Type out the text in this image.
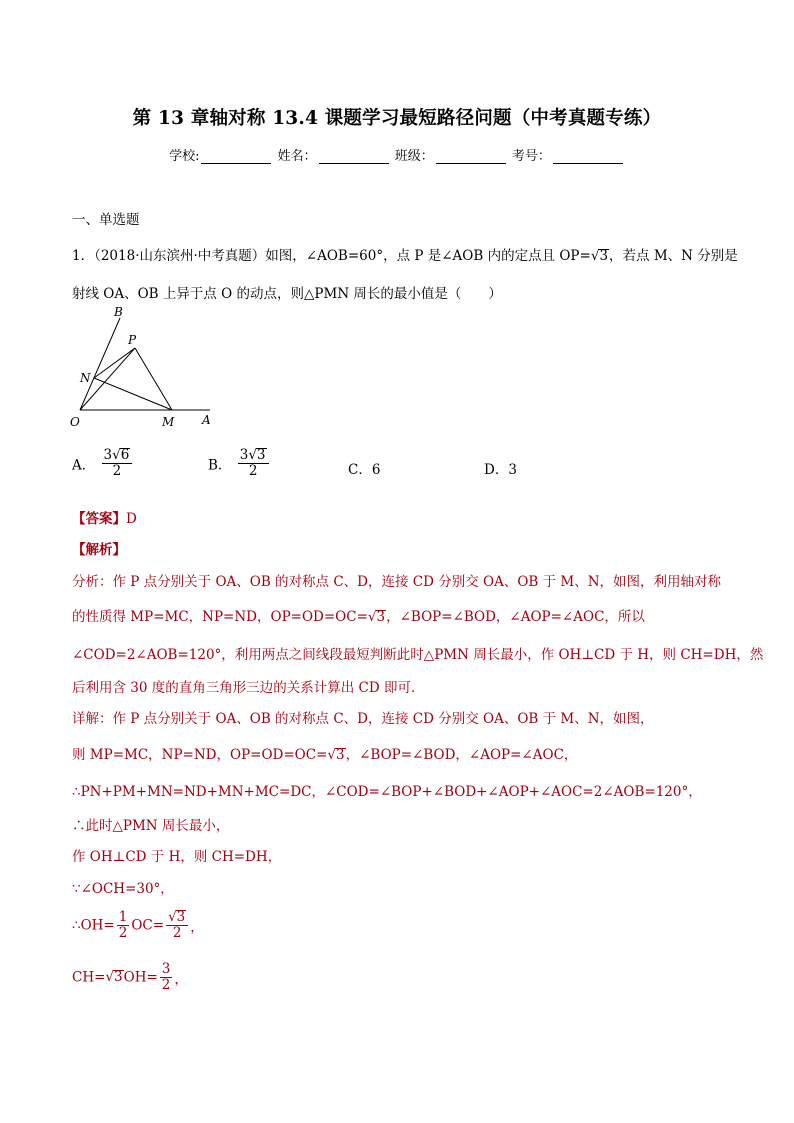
第 13 章轴对称 13.4 课题学习最短路径问题（中考真题专练）
学校:	姓名：	班级：	考号：
一、单选题
1．（2018·山东滨州·中考真题）如图，∠AOB=60°，点 P 是∠AOB 内的定点且 OP=√3，若点 M、N 分别是
射线 OA、OB 上异于点 O 的动点，则△PMN 周长的最小值是（　　）
B
P
N
O	M A
A． $\frac{3√6}{2}$	B． $\frac{3√3}{2}$	C．6	D．3
【答案】D
【解析】
分析：作 P 点分别关于 OA、OB 的对称点 C、D，连接 CD 分别交 OA、OB 于 M、N，如图，利用轴对称
的性质得 MP=MC，NP=ND，OP=OD=OC=√3，∠BOP=∠BOD，∠AOP=∠AOC，所以
∠COD=2∠AOB=120°，利用两点之间线段最短判断此时△PMN 周长最小，作 OH⊥CD 于 H，则 CH=DH，然
后利用含 30 度的直角三角形三边的关系计算出 CD 即可．
详解：作 P 点分别关于 OA、OB 的对称点 C、D，连接 CD 分别交 OA、OB 于 M、N，如图，
则 MP=MC，NP=ND，OP=OD=OC=√3，∠BOP=∠BOD，∠AOP=∠AOC，
∴PN+PM+MN=ND+MN+MC=DC，∠COD=∠BOP+∠BOD+∠AOP+∠AOC=2∠AOB=120°，
∴此时△PMN 周长最小，
作 OH⊥CD 于 H，则 CH=DH，
∵∠OCH=30°，
∴OH= $\frac{1}{2} OC= \frac{√3}{2}$ ，
$CH=√3OH= \frac{3}{2}$ ，
